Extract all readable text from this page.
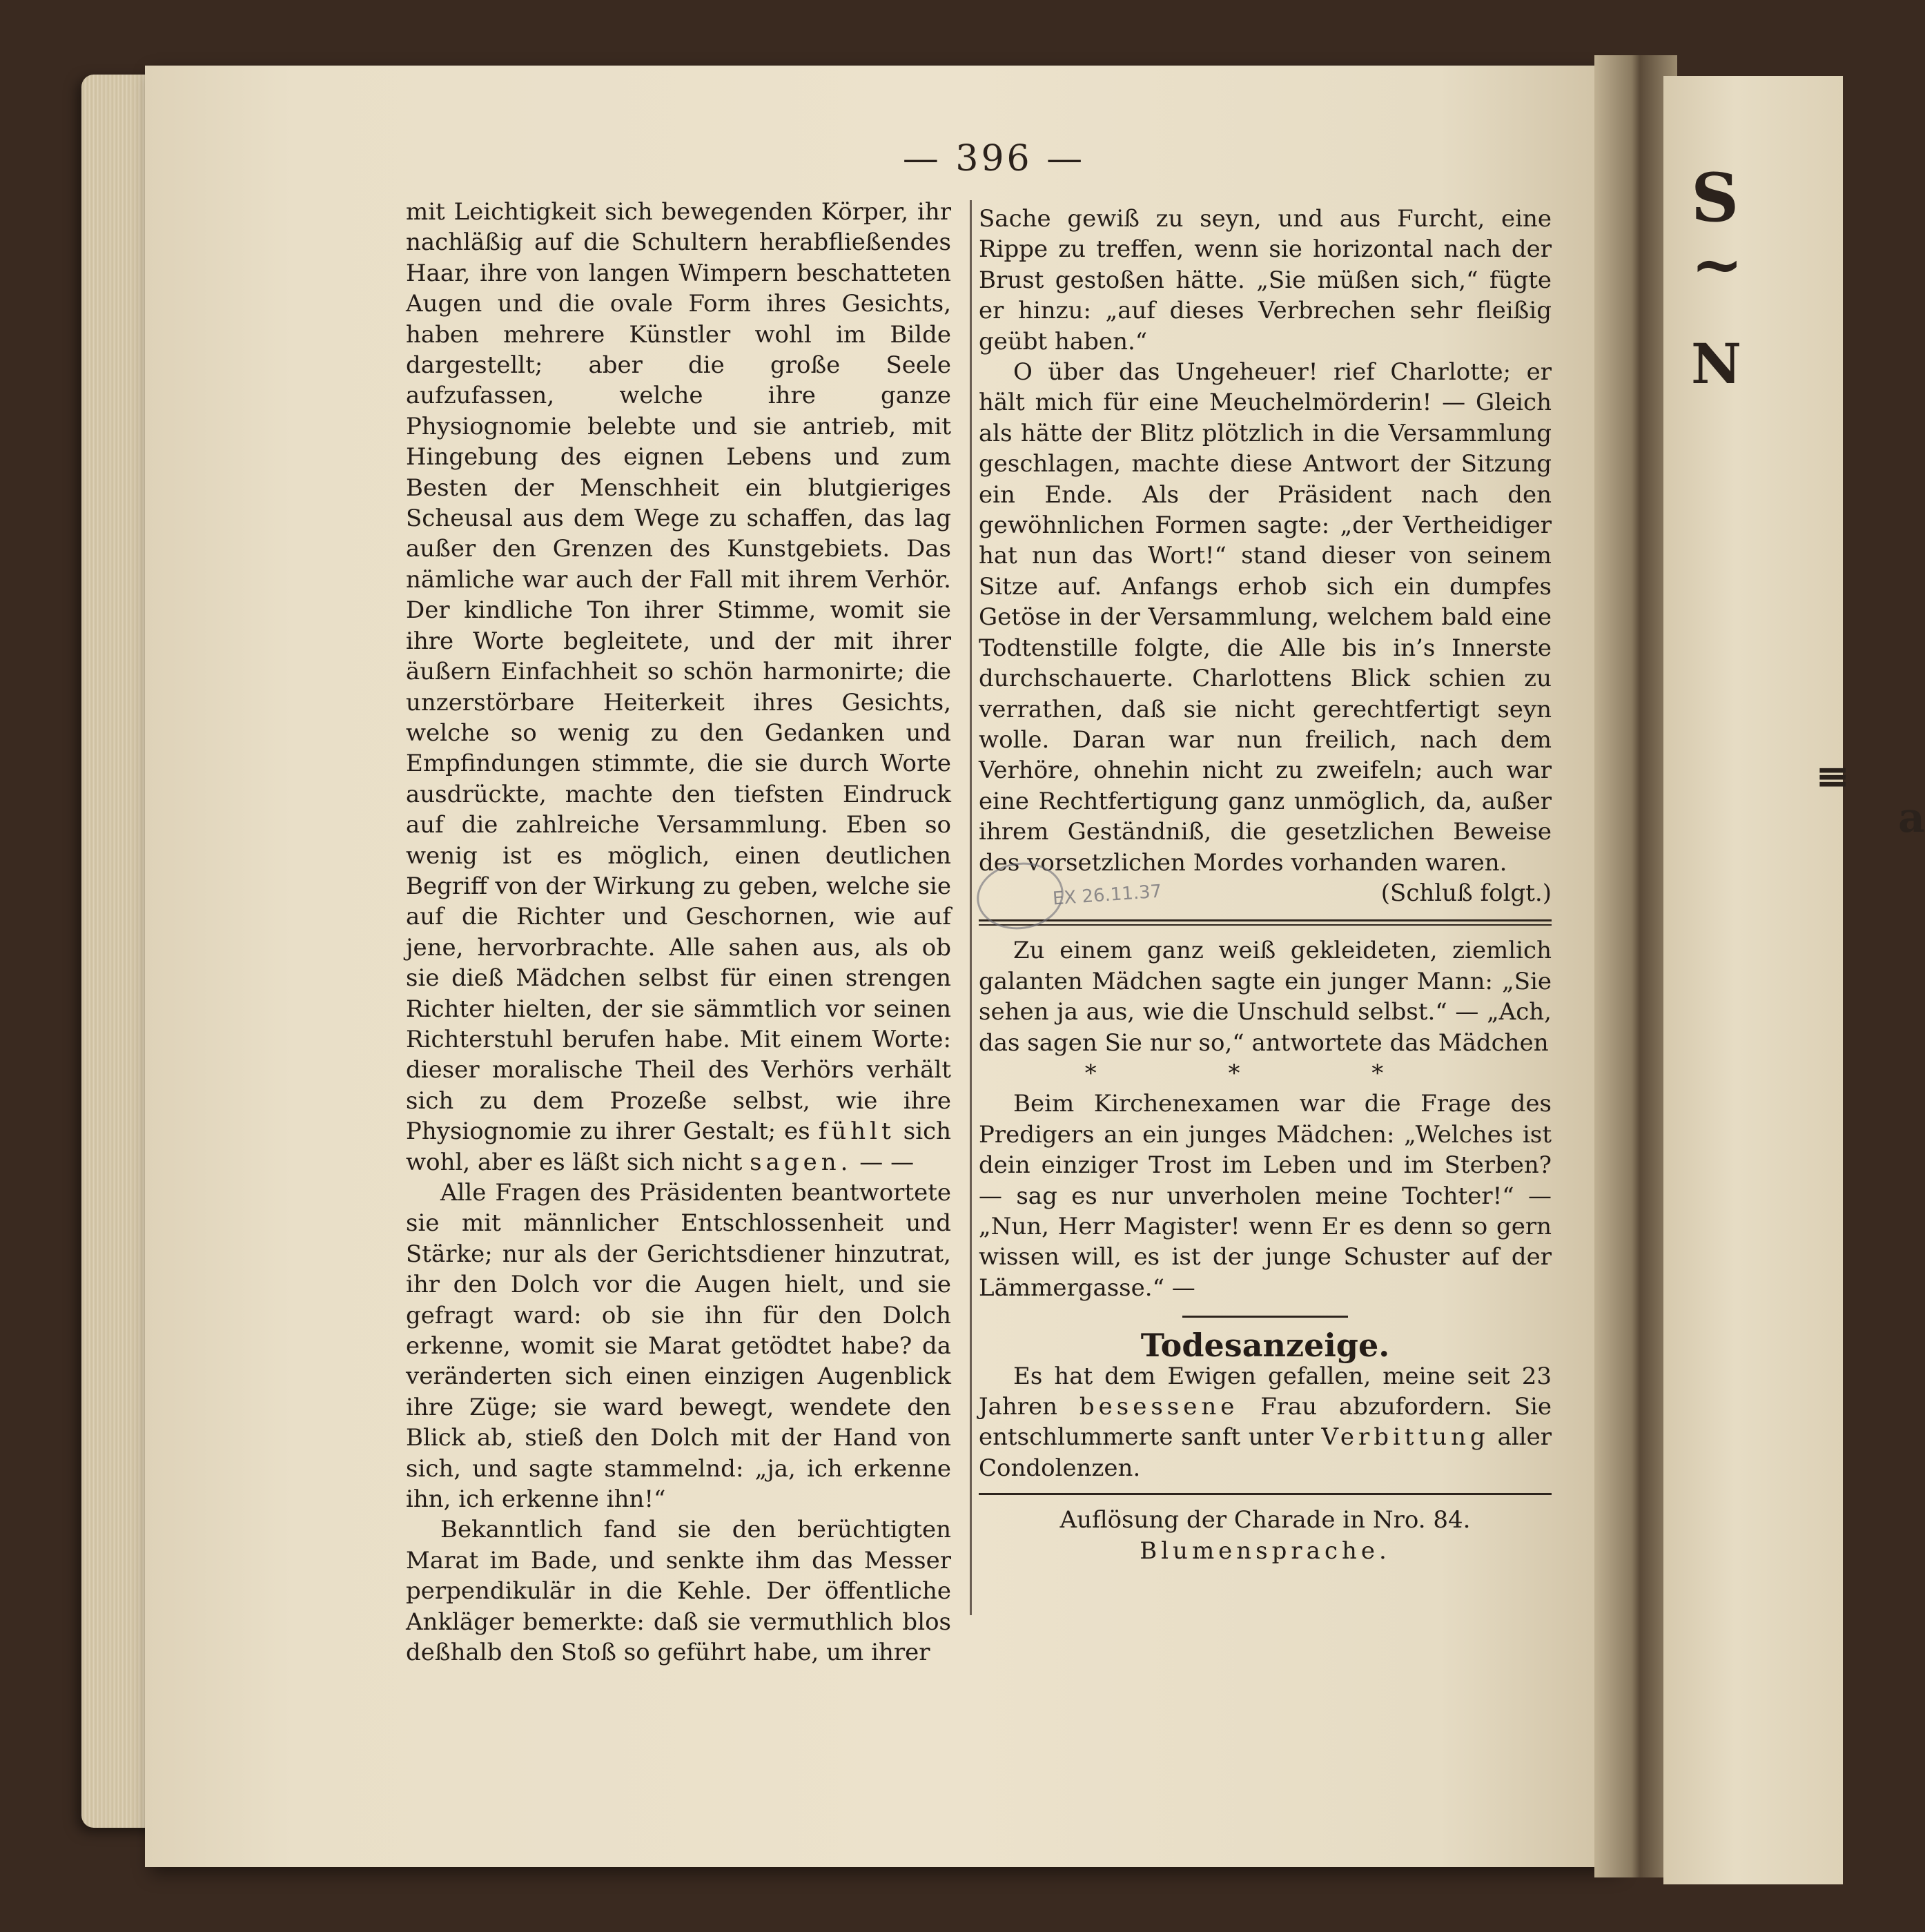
S
~
N
≡
a
— 396 —

mit Leichtigkeit sich bewegenden Körper, ihr nachläßig auf die Schultern herabfließendes Haar, ihre von langen Wimpern beschatteten Augen und die ovale Form ihres Gesichts, haben mehrere Künstler wohl im Bilde dargestellt; aber die große Seele aufzufassen, welche ihre ganze Physiognomie belebte und sie antrieb, mit Hingebung des eignen Lebens und zum Besten der Menschheit ein blutgieriges Scheusal aus dem Wege zu schaffen, das lag außer den Grenzen des Kunstgebiets. Das nämliche war auch der Fall mit ihrem Verhör. Der kindliche Ton ihrer Stimme, womit sie ihre Worte begleitete, und der mit ihrer äußern Einfachheit so schön harmonirte; die unzerstörbare Heiterkeit ihres Gesichts, welche so wenig zu den Gedanken und Empfindungen stimmte, die sie durch Worte ausdrückte, machte den tiefsten Eindruck auf die zahlreiche Versammlung. Eben so wenig ist es möglich, einen deutlichen Begriff von der Wirkung zu geben, welche sie auf die Richter und Geschornen, wie auf jene, hervorbrachte. Alle sahen aus, als ob sie dieß Mädchen selbst für einen strengen Richter hielten, der sie sämmtlich vor seinen Richterstuhl berufen habe. Mit einem Worte: dieser moralische Theil des Verhörs verhält sich zu dem Prozeße selbst, wie ihre Physiognomie zu ihrer Gestalt; es fühlt sich wohl, aber es läßt sich nicht sagen. — —

Alle Fragen des Präsidenten beantwortete sie mit männlicher Entschlossenheit und Stärke; nur als der Gerichtsdiener hinzutrat, ihr den Dolch vor die Augen hielt, und sie gefragt ward: ob sie ihn für den Dolch erkenne, womit sie Marat getödtet habe? da veränderten sich einen einzigen Augenblick ihre Züge; sie ward bewegt, wendete den Blick ab, stieß den Dolch mit der Hand von sich, und sagte stammelnd: „ja, ich erkenne ihn, ich erkenne ihn!“

Bekanntlich fand sie den berüchtigten Marat im Bade, und senkte ihm das Messer perpendikulär in die Kehle. Der öffentliche Ankläger bemerkte: daß sie vermuthlich blos deßhalb den Stoß so geführt habe, um ihrer

Sache gewiß zu seyn, und aus Furcht, eine Rippe zu treffen, wenn sie horizontal nach der Brust gestoßen hätte. „Sie müßen sich,“ fügte er hinzu: „auf dieses Verbrechen sehr fleißig geübt haben.“

O über das Ungeheuer! rief Charlotte; er hält mich für eine Meuchelmörderin! — Gleich als hätte der Blitz plötzlich in die Versammlung geschlagen, machte diese Antwort der Sitzung ein Ende. Als der Präsident nach den gewöhnlichen Formen sagte: „der Vertheidiger hat nun das Wort!“ stand dieser von seinem Sitze auf. Anfangs erhob sich ein dumpfes Getöse in der Versammlung, welchem bald eine Todtenstille folgte, die Alle bis in’s Innerste durchschauerte. Charlottens Blick schien zu verrathen, daß sie nicht gerechtfertigt seyn wolle. Daran war nun freilich, nach dem Verhöre, ohnehin nicht zu zweifeln; auch war eine Rechtfertigung ganz unmöglich, da, außer ihrem Geständniß, die gesetzlichen Beweise des vorsetzlichen Mordes vorhanden waren.

(Schluß folgt.)

Zu einem ganz weiß gekleideten, ziemlich galanten Mädchen sagte ein junger Mann: „Sie sehen ja aus, wie die Unschuld selbst.“ — „Ach, das sagen Sie nur so,“ antwortete das Mädchen

* * *

Beim Kirchenexamen war die Frage des Predigers an ein junges Mädchen: „Welches ist dein einziger Trost im Leben und im Sterben? — sag es nur unverholen meine Tochter!“ — „Nun, Herr Magister! wenn Er es denn so gern wissen will, es ist der junge Schuster auf der Lämmergasse.“ —

Todesanzeige.

Es hat dem Ewigen gefallen, meine seit 23 Jahren besessene Frau abzufordern. Sie entschlummerte sanft unter Verbittung aller Condolenzen.

Auflösung der Charade in Nro. 84.

Blumensprache.

EX 26.11.37
